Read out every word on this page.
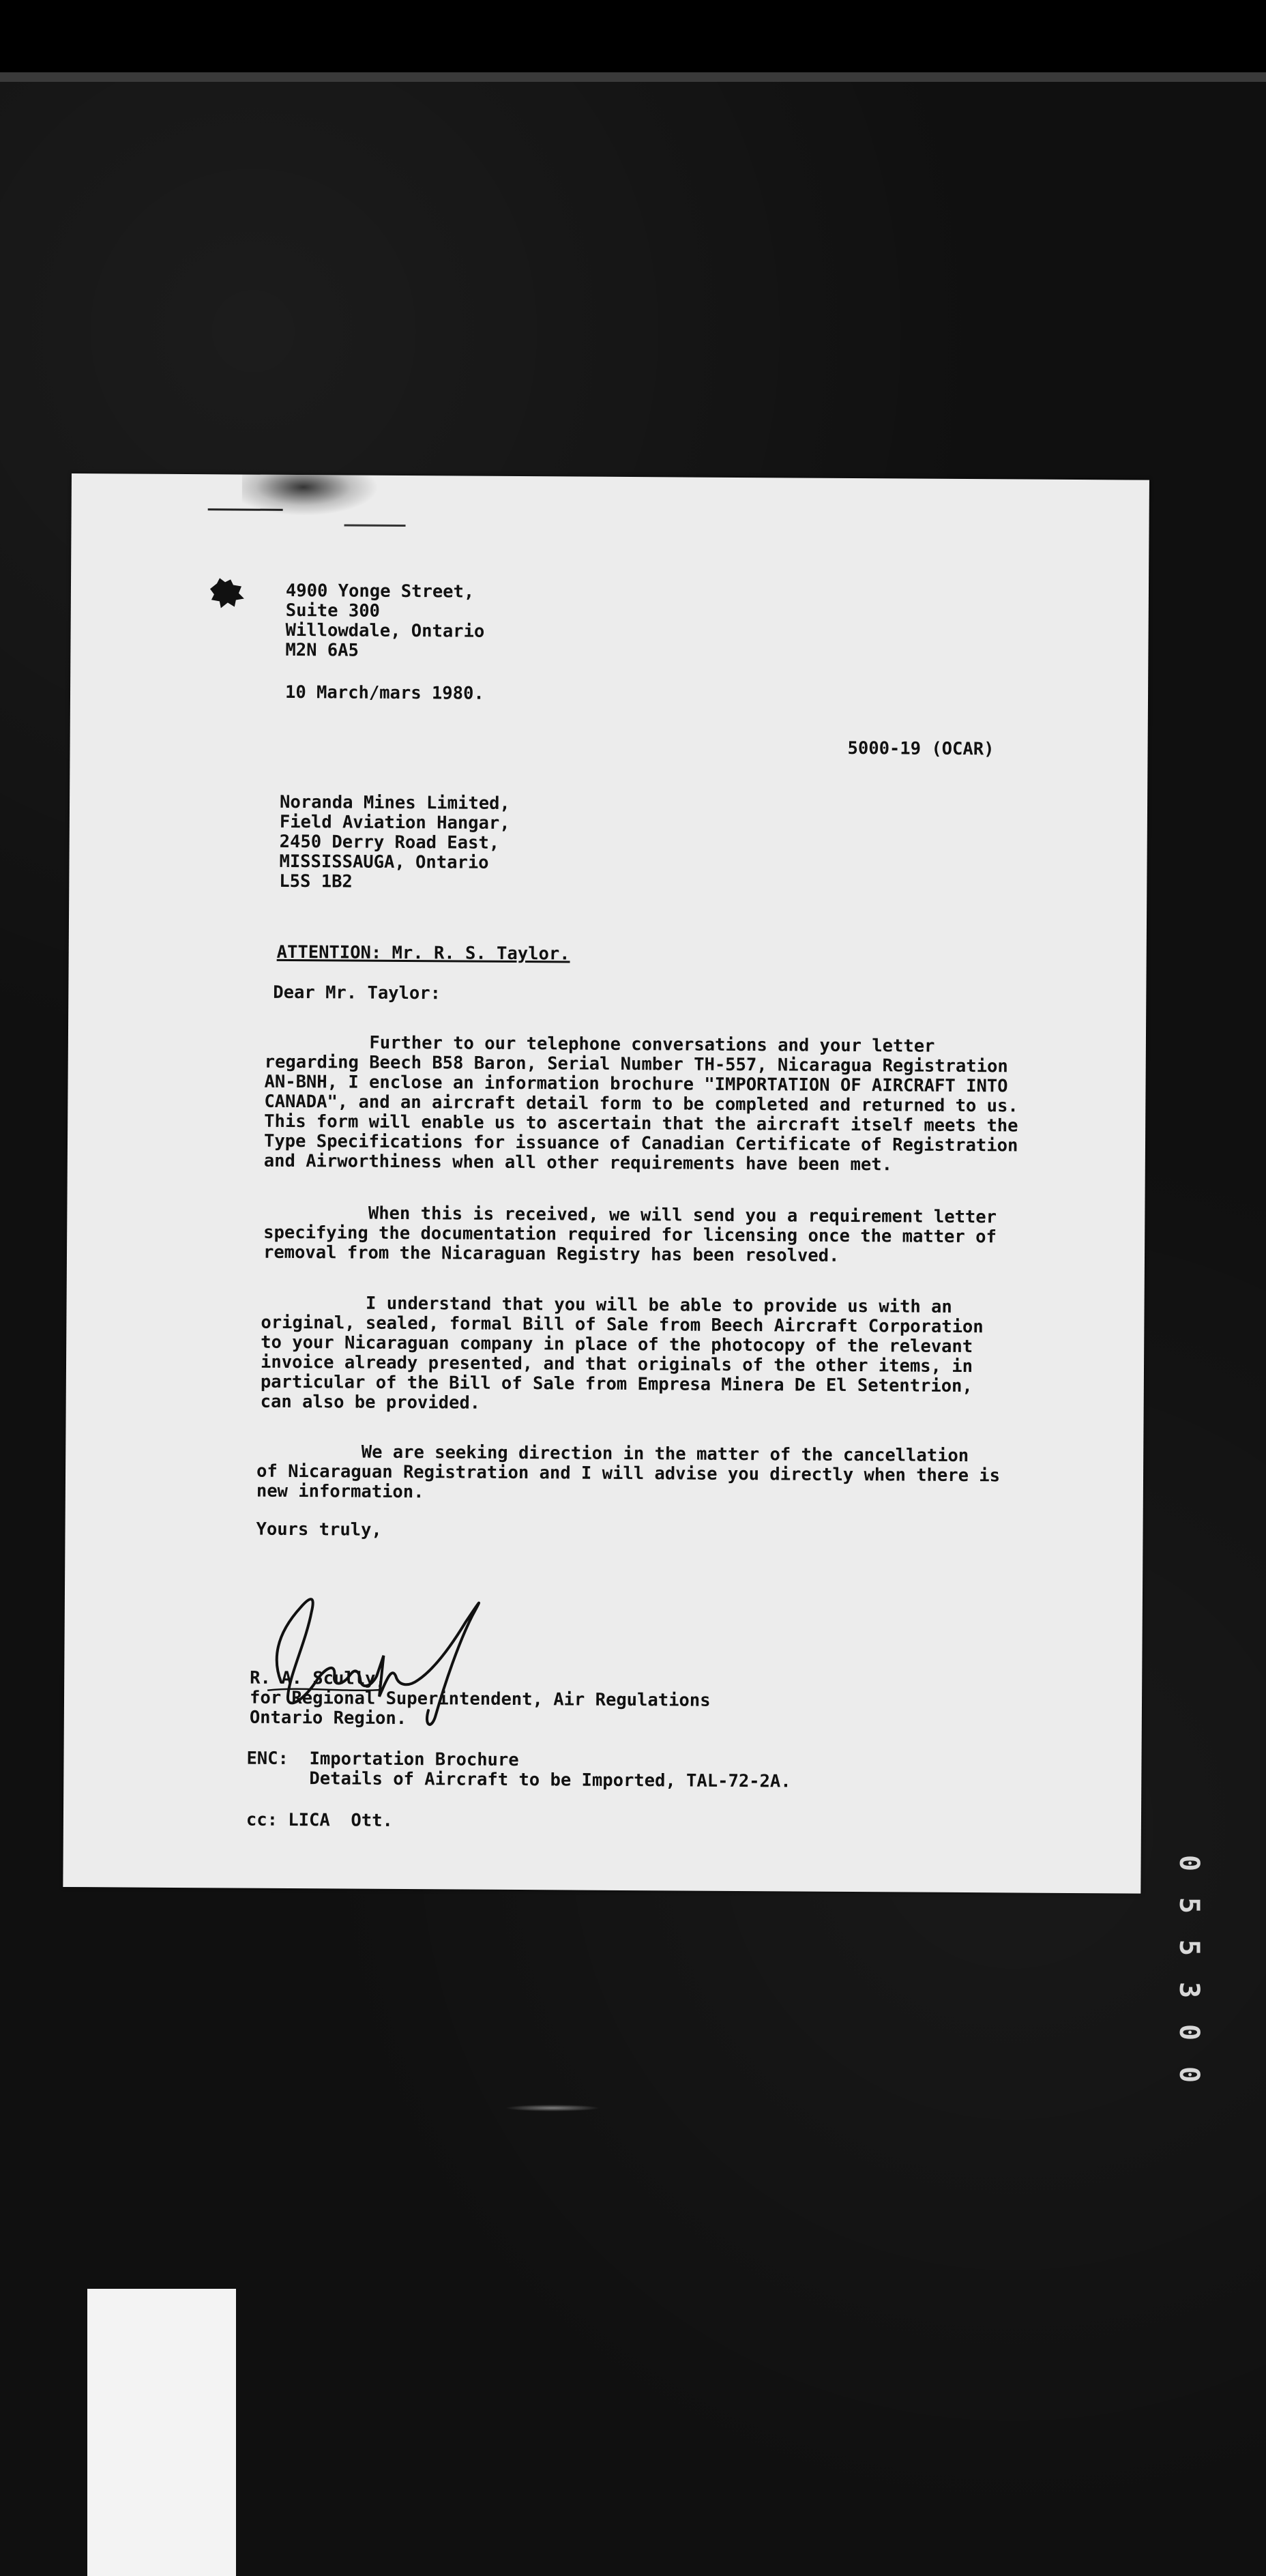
4900 Yonge Street,

Suite 300

Willowdale, Ontario

M2N 6A5

10 March/mars 1980.

5000-19 (OCAR)

Noranda Mines Limited,

Field Aviation Hangar,

2450 Derry Road East,

MISSISSAUGA, Ontario

L5S 1B2

ATTENTION: Mr. R. S. Taylor.

Dear Mr. Taylor:

Further to our telephone conversations and your letter

regarding Beech B58 Baron, Serial Number TH-557, Nicaragua Registration

AN-BNH, I enclose an information brochure "IMPORTATION OF AIRCRAFT INTO

CANADA", and an aircraft detail form to be completed and returned to us.

This form will enable us to ascertain that the aircraft itself meets the

Type Specifications for issuance of Canadian Certificate of Registration

and Airworthiness when all other requirements have been met.

When this is received, we will send you a requirement letter

specifying the documentation required for licensing once the matter of

removal from the Nicaraguan Registry has been resolved.

I understand that you will be able to provide us with an

original, sealed, formal Bill of Sale from Beech Aircraft Corporation

to your Nicaraguan company in place of the photocopy of the relevant

invoice already presented, and that originals of the other items, in

particular of the Bill of Sale from Empresa Minera De El Setentrion,

can also be provided.

We are seeking direction in the matter of the cancellation

of Nicaraguan Registration and I will advise you directly when there is

new information.

Yours truly,

R. A. Scully,

for Regional Superintendent, Air Regulations

Ontario Region.

ENC:  Importation Brochure

Details of Aircraft to be Imported, TAL-72-2A.

cc: LICA  Ott.

0
5
5
3
0
0
